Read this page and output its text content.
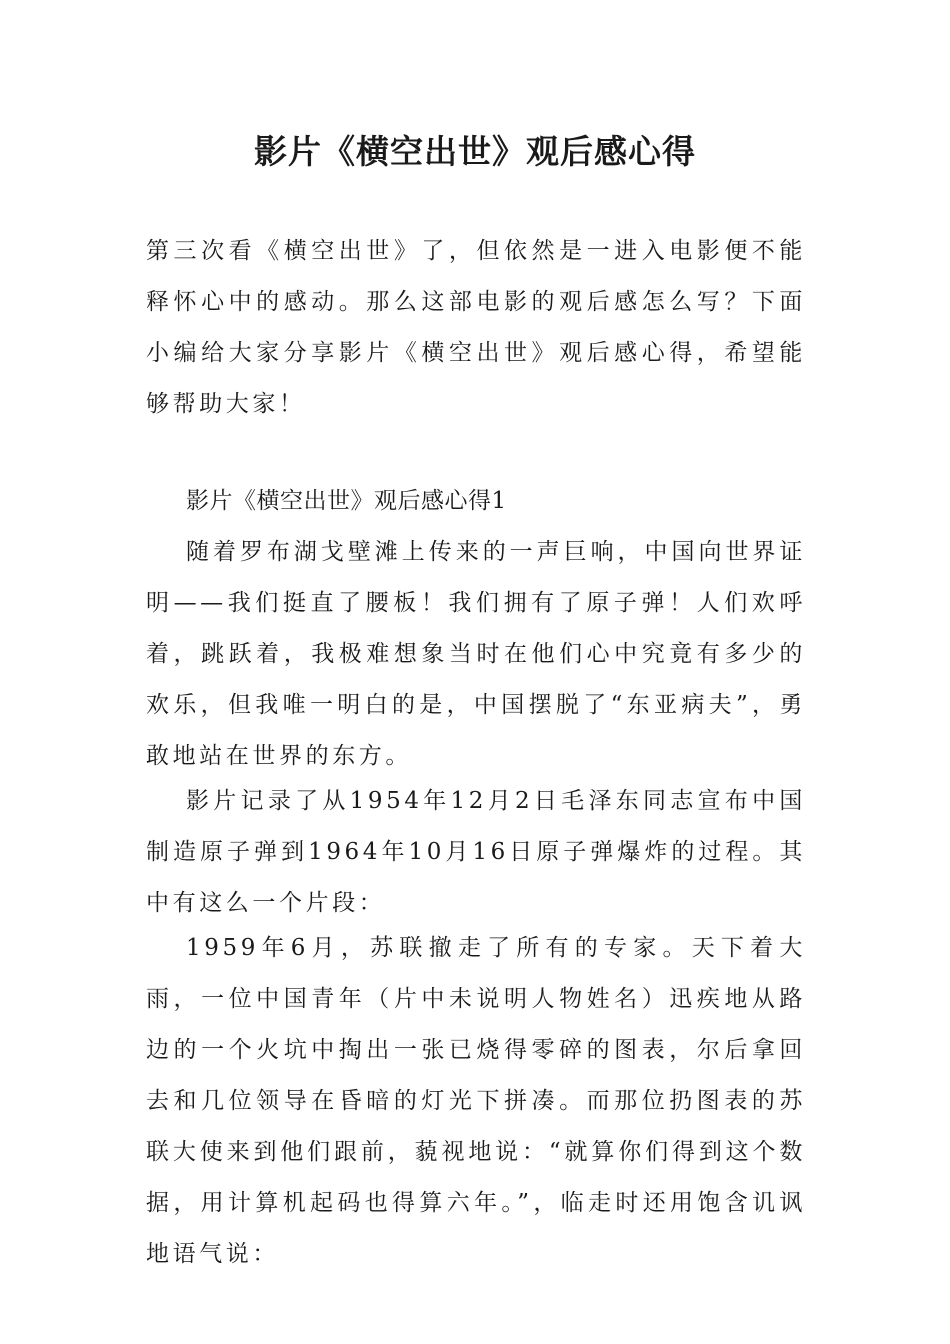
影片《横空出世》观后感心得

第三次看《横空出世》了，但依然是一进入电影便不能释怀心中的感动。那么这部电影的观后感怎么写？下面小编给大家分享影片《横空出世》观后感心得，希望能够帮助大家！

影片《横空出世》观后感心得1

随着罗布湖戈壁滩上传来的一声巨响，中国向世界证明——我们挺直了腰板！我们拥有了原子弹！人们欢呼着，跳跃着，我极难想象当时在他们心中究竟有多少的欢乐，但我唯一明白的是，中国摆脱了“东亚病夫”，勇敢地站在世界的东方。

影片记录了从1954年12月2日毛泽东同志宣布中国制造原子弹到1964年10月16日原子弹爆炸的过程。其中有这么一个片段：

1959年6月，苏联撤走了所有的专家。天下着大雨，一位中国青年（片中未说明人物姓名）迅疾地从路边的一个火坑中掏出一张已烧得零碎的图表，尔后拿回去和几位领导在昏暗的灯光下拼凑。而那位扔图表的苏联大使来到他们跟前，藐视地说：“就算你们得到这个数据，用计算机起码也得算六年。”，临走时还用饱含讥讽地语气说：
